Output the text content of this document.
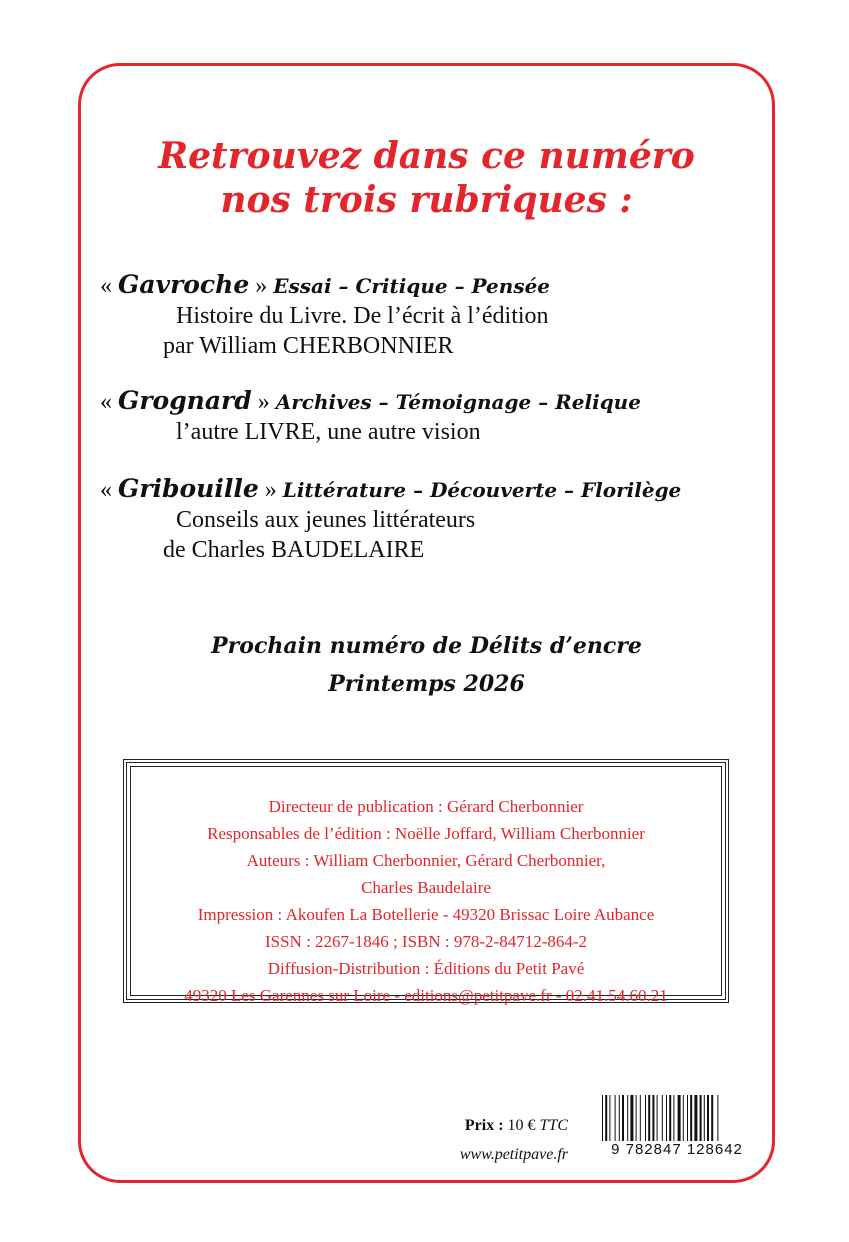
Retrouvez dans ce numéro
nos trois rubriques :
« Gavroche » Essai – Critique – Pensée
Histoire du Livre. De l’écrit à l’édition
par William CHERBONNIER
« Grognard » Archives – Témoignage – Relique
l’autre LIVRE, une autre vision
« Gribouille » Littérature – Découverte – Florilège
Conseils aux jeunes littérateurs
de Charles BAUDELAIRE
Prochain numéro de Délits d’encre
Printemps 2026
Directeur de publication : Gérard Cherbonnier
Responsables de l’édition : Noëlle Joffard, William Cherbonnier
Auteurs : William Cherbonnier, Gérard Cherbonnier,
Charles Baudelaire
Impression : Akoufen La Botellerie - 49320 Brissac Loire Aubance
ISSN : 2267-1846 ; ISBN : 978-2-84712-864-2
Diffusion-Distribution : Éditions du Petit Pavé
49320 Les Garennes sur Loire - editions@petitpave.fr - 02.41.54.60.21
Prix : 10 € TTC
www.petitpave.fr	9 782847 128642
